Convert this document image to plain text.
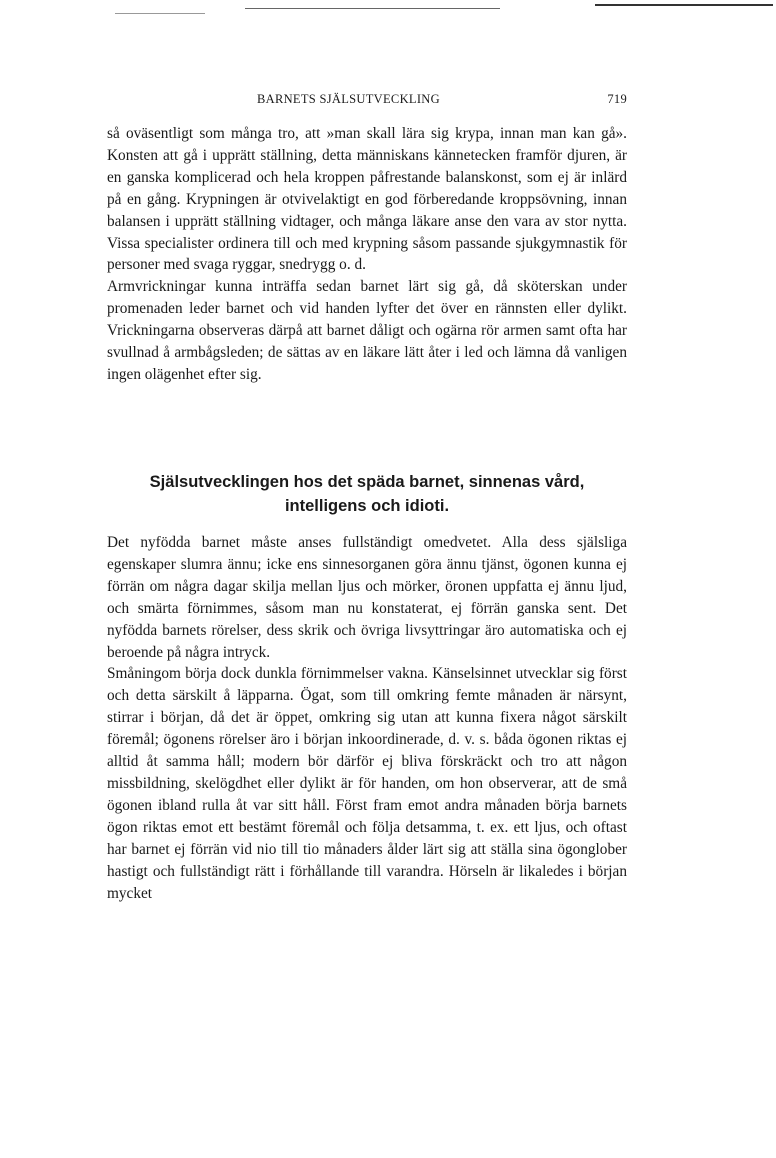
BARNETS SJÄLSUTVECKLING	719

så oväsentligt som många tro, att »man skall lära sig krypa, innan man kan gå». Konsten att gå i upprätt ställning, detta människans kännetecken framför djuren, är en ganska komplicerad och hela kroppen påfrestande balanskonst, som ej är inlärd på en gång. Krypningen är otvivelaktigt en god förberedande kroppsövning, innan balansen i upprätt ställning vidtager, och många läkare anse den vara av stor nytta. Vissa specialister ordinera till och med krypning såsom passande sjukgymnastik för personer med svaga ryggar, snedrygg o. d.

Armvrickningar kunna inträffa sedan barnet lärt sig gå, då sköterskan under promenaden leder barnet och vid handen lyfter det över en rännsten eller dylikt. Vrickningarna observeras därpå att barnet dåligt och ogärna rör armen samt ofta har svullnad å armbågsleden; de sättas av en läkare lätt åter i led och lämna då vanligen ingen olägenhet efter sig.

Själsutvecklingen hos det späda barnet, sinnenas vård,
intelligens och idioti.

Det nyfödda barnet måste anses fullständigt omedvetet. Alla dess själsliga egenskaper slumra ännu; icke ens sinnesorganen göra ännu tjänst, ögonen kunna ej förrän om några dagar skilja mellan ljus och mörker, öronen uppfatta ej ännu ljud, och smärta förnimmes, såsom man nu konstaterat, ej förrän ganska sent. Det nyfödda barnets rörelser, dess skrik och övriga livsyttringar äro automatiska och ej beroende på några intryck.

Småningom börja dock dunkla förnimmelser vakna. Känselsinnet utvecklar sig först och detta särskilt å läpparna. Ögat, som till omkring femte månaden är närsynt, stirrar i början, då det är öppet, omkring sig utan att kunna fixera något särskilt föremål; ögonens rörelser äro i början inkoordinerade, d. v. s. båda ögonen riktas ej alltid åt samma håll; modern bör därför ej bliva förskräckt och tro att någon missbildning, skelögdhet eller dylikt är för handen, om hon observerar, att de små ögonen ibland rulla åt var sitt håll. Först fram emot andra månaden börja barnets ögon riktas emot ett bestämt föremål och följa detsamma, t. ex. ett ljus, och oftast har barnet ej förrän vid nio till tio månaders ålder lärt sig att ställa sina ögonglober hastigt och fullständigt rätt i förhållande till varandra. Hörseln är likaledes i början mycket
